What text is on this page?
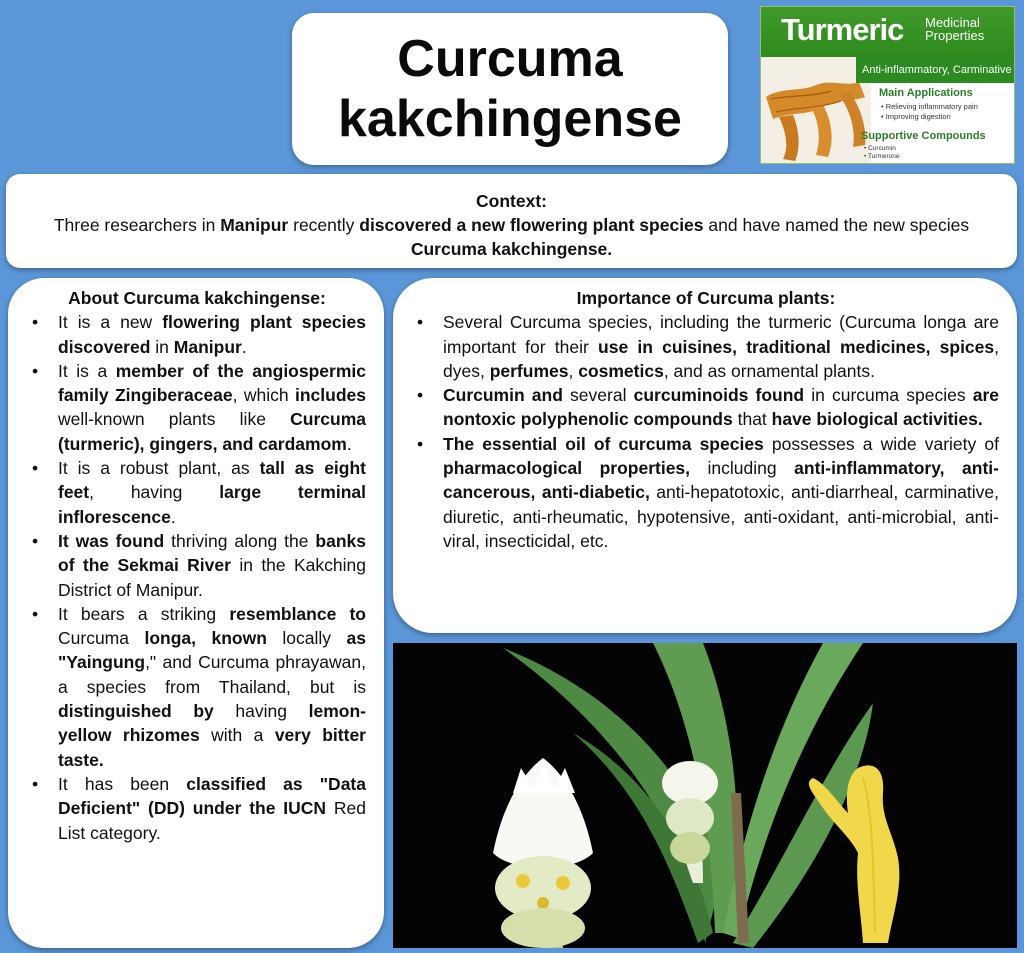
Curcuma
kakchingense
Turmeric Medicinal Properties
Anti-inflammatory, Carminative
Main Applications
• Relieving inflammatory pain
• Improving digestion
Supportive Compounds
• Curcumin
• Turmerone
Context:

Three researchers in Manipur recently discovered a new flowering plant species and have named the new species Curcuma kakchingense.

About Curcuma kakchingense:
• It is a new flowering plant species discovered in Manipur.
• It is a member of the angiospermic family Zingiberaceae, which includes well-known plants like Curcuma (turmeric), gingers, and cardamom.
• It is a robust plant, as tall as eight feet, having large terminal inflorescence.
• It was found thriving along the banks of the Sekmai River in the Kakching District of Manipur.
• It bears a striking resemblance to Curcuma longa, known locally as "Yaingung," and Curcuma phrayawan, a species from Thailand, but is distinguished by having lemon-yellow rhizomes with a very bitter taste.
• It has been classified as "Data Deficient" (DD) under the IUCN Red List category.
Importance of Curcuma plants:
• Several Curcuma species, including the turmeric (Curcuma longa are important for their use in cuisines, traditional medicines, spices, dyes, perfumes, cosmetics, and as ornamental plants.
• Curcumin and several curcuminoids found in curcuma species are nontoxic polyphenolic compounds that have biological activities.
• The essential oil of curcuma species possesses a wide variety of pharmacological properties, including anti-inflammatory, anti-cancerous, anti-diabetic, anti-hepatotoxic, anti-diarrheal, carminative, diuretic, anti-rheumatic, hypotensive, anti-oxidant, anti-microbial, anti-viral, insecticidal, etc.
